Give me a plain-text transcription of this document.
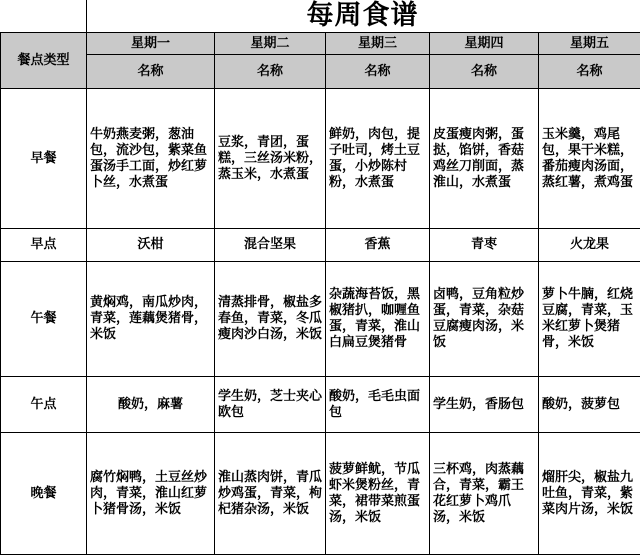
每周食谱
餐点类型	星期一	星期二	星期三	星期四	星期五
	名称	名称	名称	名称	名称
早餐	牛奶燕麦粥，葱油包，流沙包，紫菜鱼蛋汤手工面，炒红萝卜丝，水煮蛋	豆浆，青团，蛋糕，三丝汤米粉，蒸玉米，水煮蛋	鲜奶，肉包，提子吐司，烤土豆蛋，小炒陈村粉，水煮蛋	皮蛋瘦肉粥，蛋挞，馅饼，香菇鸡丝刀削面，蒸淮山，水煮蛋	玉米羹，鸡尾包，果干米糕，番茄瘦肉汤面，蒸红薯，煮鸡蛋
早点	沃柑	混合坚果	香蕉	青枣	火龙果
午餐	黄焖鸡，南瓜炒肉，青菜，莲藕煲猪骨，米饭	清蒸排骨，椒盐多春鱼，青菜，冬瓜瘦肉沙白汤，米饭	杂蔬海苔饭，黑椒猪扒，咖喱鱼蛋，青菜，淮山白扁豆煲猪骨	卤鸭，豆角粒炒蛋，青菜，杂菇豆腐瘦肉汤，米饭	萝卜牛腩，红烧豆腐，青菜，玉米红萝卜煲猪骨，米饭
午点	酸奶，麻薯	学生奶，芝士夹心欧包	酸奶，毛毛虫面包	学生奶，香肠包	酸奶，菠萝包
晚餐	腐竹焖鸭，土豆丝炒肉，青菜，淮山红萝卜猪骨汤，米饭	淮山蒸肉饼，青瓜炒鸡蛋，青菜，枸杞猪杂汤，米饭	菠萝鲜鱿，节瓜虾米煲粉丝，青菜，裙带菜煎蛋汤，米饭	三杯鸡，肉蒸藕合，青菜，霸王花红萝卜鸡爪汤，米饭	熘肝尖，椒盐九吐鱼，青菜，紫菜肉片汤，米饭
